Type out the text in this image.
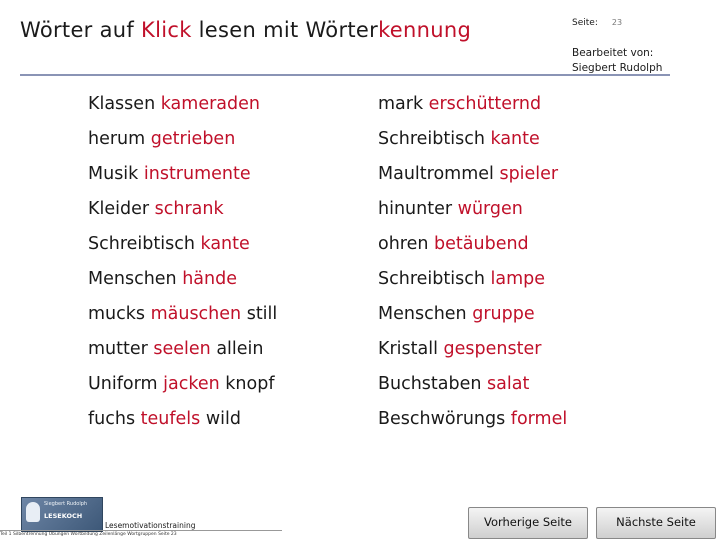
Wörter auf Klick lesen mit Wörterkennung	Seite: 23
Bearbeitet von:
Siegbert Rudolph
Klassen kameraden	mark erschütternd
herum getrieben	Schreibtisch kante
Musik instrumente	Maultrommel spieler
Kleider schrank	hinunter würgen
Schreibtisch kante	ohren betäubend
Menschen hände	Schreibtisch lampe
mucks mäuschen still	Menschen gruppe
mutter seelen allein	Kristall gespenster
Uniform jacken knopf	Buchstaben salat
fuchs teufels wild	Beschwörungs formel
Siegbert Rudolph
LESEKOCH
Lesemotivationstraining
Teil 1 Silbentrennung Übungen Wortbildung Zeilenlänge Wortgruppen Seite 23
Vorherige Seite	Nächste Seite
